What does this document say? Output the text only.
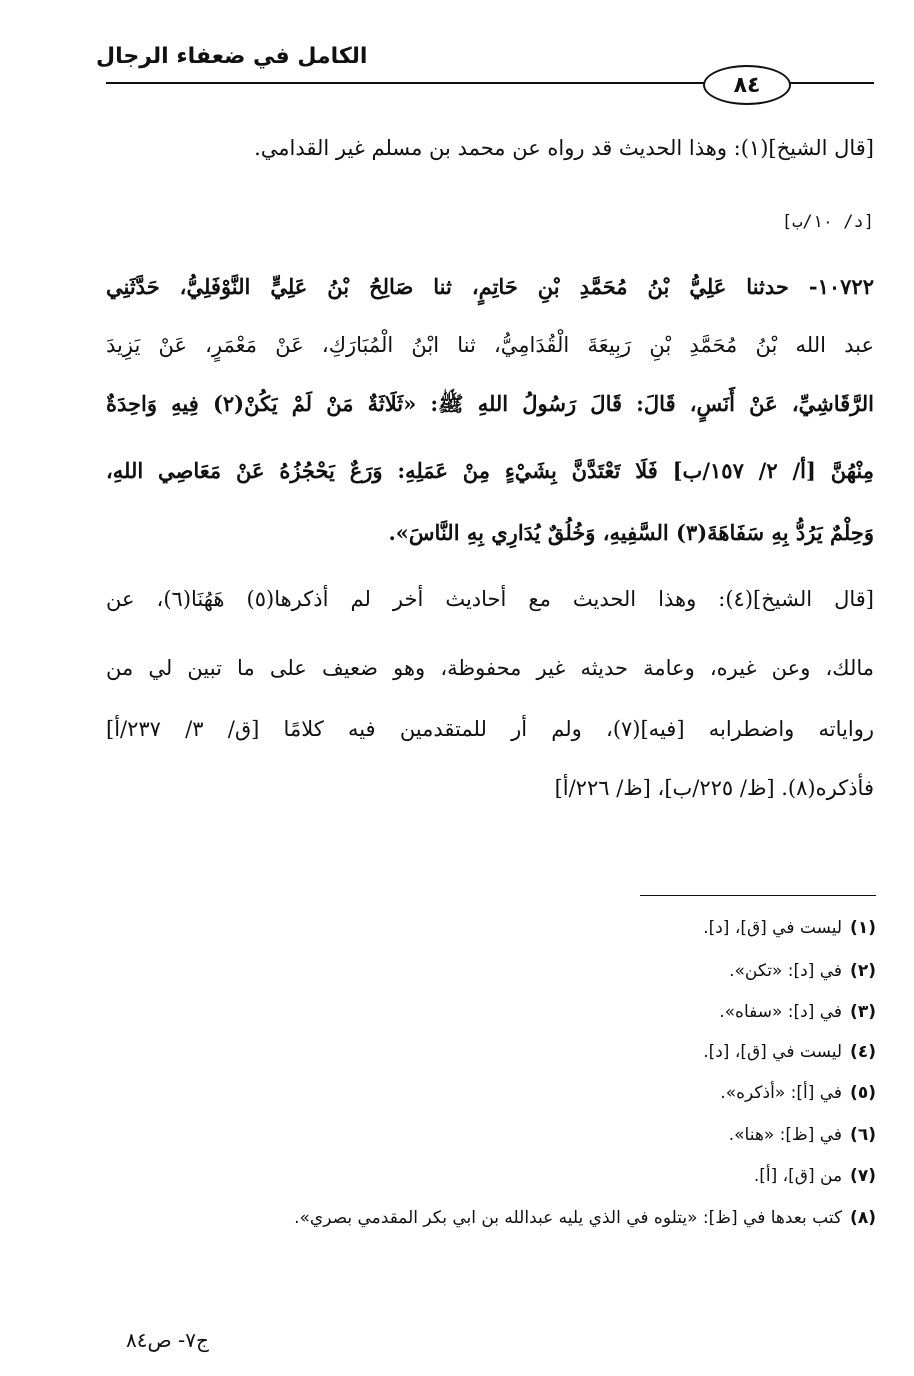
الكامل في ضعفاء الرجال
٨٤
[قال الشيخ](١): وهذا الحديث قد رواه عن محمد بن مسلم غير القدامي.
[د/ ١٠/ب]
١٠٧٢٢- حدثنا عَلِيُّ بْنُ مُحَمَّدِ بْنِ حَاتِمٍ، ثنا صَالِحُ بْنُ عَلِيٍّ النَّوْفَلِيُّ، حَدَّثَنِي
عبد الله بْنُ مُحَمَّدِ بْنِ رَبِيعَةَ الْقُدَامِيُّ، ثنا ابْنُ الْمُبَارَكِ، عَنْ مَعْمَرٍ، عَنْ يَزِيدَ
الرَّقَاشِيِّ، عَنْ أَنَسٍ، قَالَ: قَالَ رَسُولُ اللهِ ﷺ: «ثَلَاثَةٌ مَنْ لَمْ يَكُنْ(٢) فِيهِ وَاحِدَةٌ
مِنْهُنَّ [أ/ ٢/ ١٥٧/ب] فَلَا تَعْتَدَّنَّ بِشَيْءٍ مِنْ عَمَلِهِ: وَرَعٌ يَحْجُزُهُ عَنْ مَعَاصِي اللهِ،
وَحِلْمٌ يَرُدُّ بِهِ سَفَاهَةَ(٣) السَّفِيهِ، وَخُلُقٌ يُدَارِي بِهِ النَّاسَ».
[قال الشيخ](٤): وهذا الحديث مع أحاديث أخر لم أذكرها(٥) هَهُنَا(٦)، عن
مالك، وعن غيره، وعامة حديثه غير محفوظة، وهو ضعيف على ما تبين لي من
رواياته واضطرابه [فيه](٧)، ولم أر للمتقدمين فيه كلامًا [ق/ ٣/ ٢٣٧/أ]
فأذكره(٨). [ظ/ ٢٢٥/ب]، [ظ/ ٢٢٦/أ]
(١)ليست في [ق]، [د].
(٢)في [د]: «تكن».
(٣)في [د]: «سفاه».
(٤)ليست في [ق]، [د].
(٥)في [أ]: «أذكره».
(٦)في [ظ]: «هنا».
(٧)من [ق]، [أ].
(٨)كتب بعدها في [ظ]: «يتلوه في الذي يليه عبدالله بن ابي بكر المقدمي بصري».
ج٧- ص٨٤
